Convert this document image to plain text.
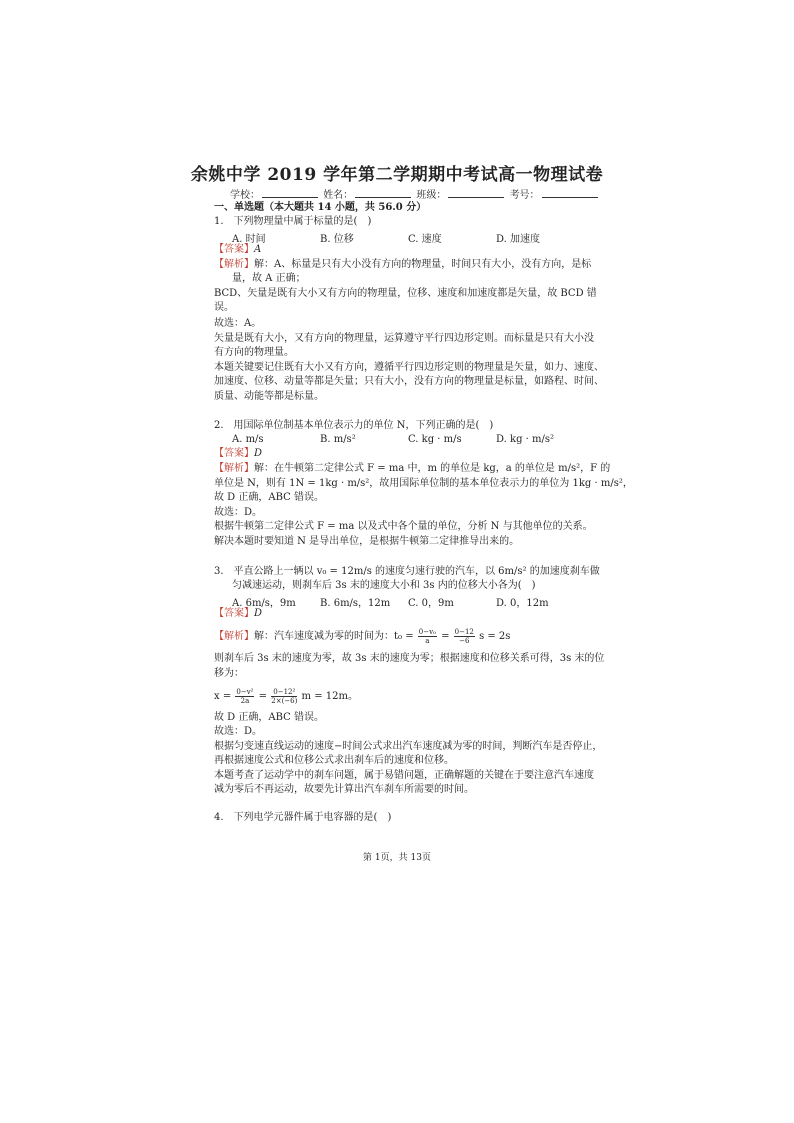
余姚中学 2019 学年第二学期期中考试高一物理试卷
学校：	姓名：	班级：	考号：
一、单选题（本大题共 14 小题，共 56.0 分）
1.　下列物理量中属于标量的是(　)
A. 时间	B. 位移	C. 速度	D. 加速度
【答案】A
【解析】解：A、标量是只有大小没有方向的物理量，时间只有大小，没有方向，是标
量，故 A 正确；
BCD、矢量是既有大小又有方向的物理量，位移、速度和加速度都是矢量，故 BCD 错
误。
故选：A。
矢量是既有大小，又有方向的物理量，运算遵守平行四边形定则。而标量是只有大小没
有方向的物理量。
本题关键要记住既有大小又有方向，遵循平行四边形定则的物理量是矢量，如力、速度、
加速度、位移、动量等都是矢量；只有大小，没有方向的物理量是标量，如路程、时间、
质量、动能等都是标量。
2.　用国际单位制基本单位表示力的单位 N，下列正确的是(　)
A. m/s	B. m/s²	C. kg · m/s	D. kg · m/s²
【答案】D
【解析】解：在牛顿第二定律公式 F = ma 中，m 的单位是 kg，a 的单位是 m/s²，F 的
单位是 N，则有 1N = 1kg · m/s²，故用国际单位制的基本单位表示力的单位为 1kg · m/s²，
故 D 正确，ABC 错误。
故选：D。
根据牛顿第二定律公式 F = ma 以及式中各个量的单位，分析 N 与其他单位的关系。
解决本题时要知道 N 是导出单位，是根据牛顿第二定律推导出来的。
3.　平直公路上一辆以 v₀ = 12m/s 的速度匀速行驶的汽车，以 6m/s² 的加速度刹车做
匀减速运动，则刹车后 3s 末的速度大小和 3s 内的位移大小各为(　)
A. 6m/s，9m B. 6m/s，12m C. 0，9m	D. 0，12m
【答案】D
【解析】解：汽车速度减为零的时间为：$t_0 = \frac{\text{0−v₀}}{a} = \frac{0-12}{-6}$ s = 2s
则刹车后 3s 末的速度为零，故 3s 末的速度为零；根据速度和位移关系可得，3s 末的位
移为：
$x = \frac{\text{0−v²}}{2a} = \frac{\text{0−12²}}{2\times(-6)}$ m = 12m。
故 D 正确，ABC 错误。
故选：D。
根据匀变速直线运动的速度−时间公式求出汽车速度减为零的时间，判断汽车是否停止，
再根据速度公式和位移公式求出刹车后的速度和位移。
本题考查了运动学中的刹车问题，属于易错问题，正确解题的关键在于要注意汽车速度
减为零后不再运动，故要先计算出汽车刹车所需要的时间。
4.　下列电学元器件属于电容器的是(　)
第 1页，共 13页
